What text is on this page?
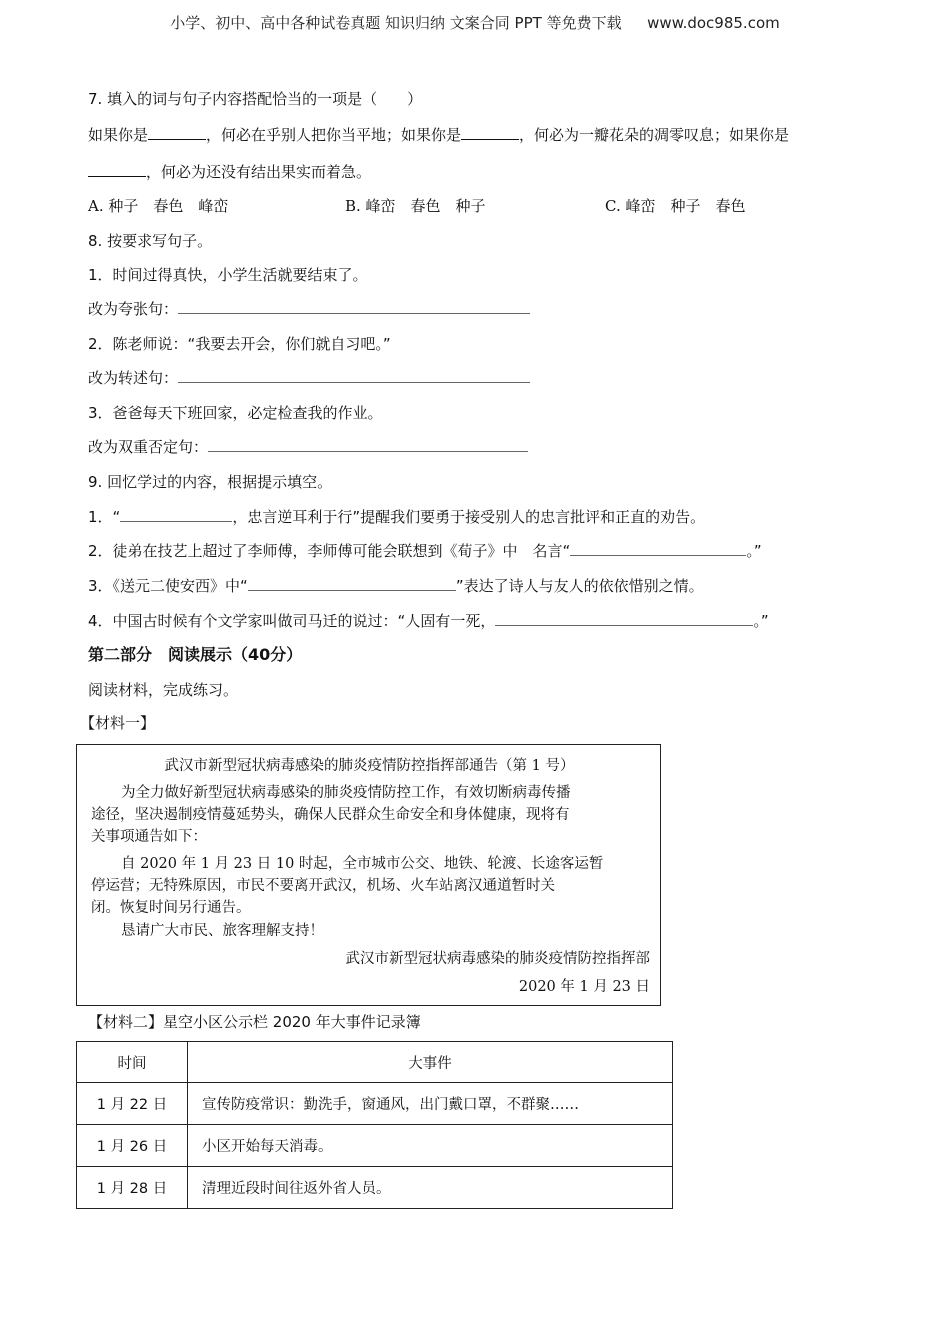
小学、初中、高中各种试卷真题 知识归纳 文案合同 PPT 等免费下载 www.doc985.com
7. 填入的词与句子内容搭配恰当的一项是（　　）
如果你是	，何必在乎别人把你当平地；如果你是	，何必为一瓣花朵的凋零叹息；如果你是
，何必为还没有结出果实而着急。
A. 种子　春色　峰峦	B. 峰峦　春色　种子	C. 峰峦　种子　春色
8. 按要求写句子。
1．时间过得真快，小学生活就要结束了。
改为夸张句：
2．陈老师说：“我要去开会，你们就自习吧。”
改为转述句：
3．爸爸每天下班回家，必定检查我的作业。
改为双重否定句：
9. 回忆学过的内容，根据提示填空。
1．“	，忠言逆耳利于行”提醒我们要勇于接受别人的忠言批评和正直的劝告。
2．徒弟在技艺上超过了李师傅，李师傅可能会联想到《荀子》中　名言“	。”
3．《送元二使安西》中“	”表达了诗人与友人的依依惜别之情。
4．中国古时候有个文学家叫做司马迁的说过：“人固有一死，	。”
第二部分　阅读展示（40分）
阅读材料，完成练习。
【材料一】
武汉市新型冠状病毒感染的肺炎疫情防控指挥部通告（第 1 号）
为全力做好新型冠状病毒感染的肺炎疫情防控工作，有效切断病毒传播
途径，坚决遏制疫情蔓延势头，确保人民群众生命安全和身体健康，现将有
关事项通告如下：
自 2020 年 1 月 23 日 10 时起，全市城市公交、地铁、轮渡、长途客运暂
停运营；无特殊原因，市民不要离开武汉，机场、火车站离汉通道暂时关
闭。恢复时间另行通告。
恳请广大市民、旅客理解支持！
武汉市新型冠状病毒感染的肺炎疫情防控指挥部
2020 年 1 月 23 日
【材料二】星空小区公示栏 2020 年大事件记录簿
时间	大事件
1 月 22 日	宣传防疫常识：勤洗手，窗通风，出门戴口罩，不群聚……
1 月 26 日	小区开始每天消毒。
1 月 28 日	清理近段时间往返外省人员。
